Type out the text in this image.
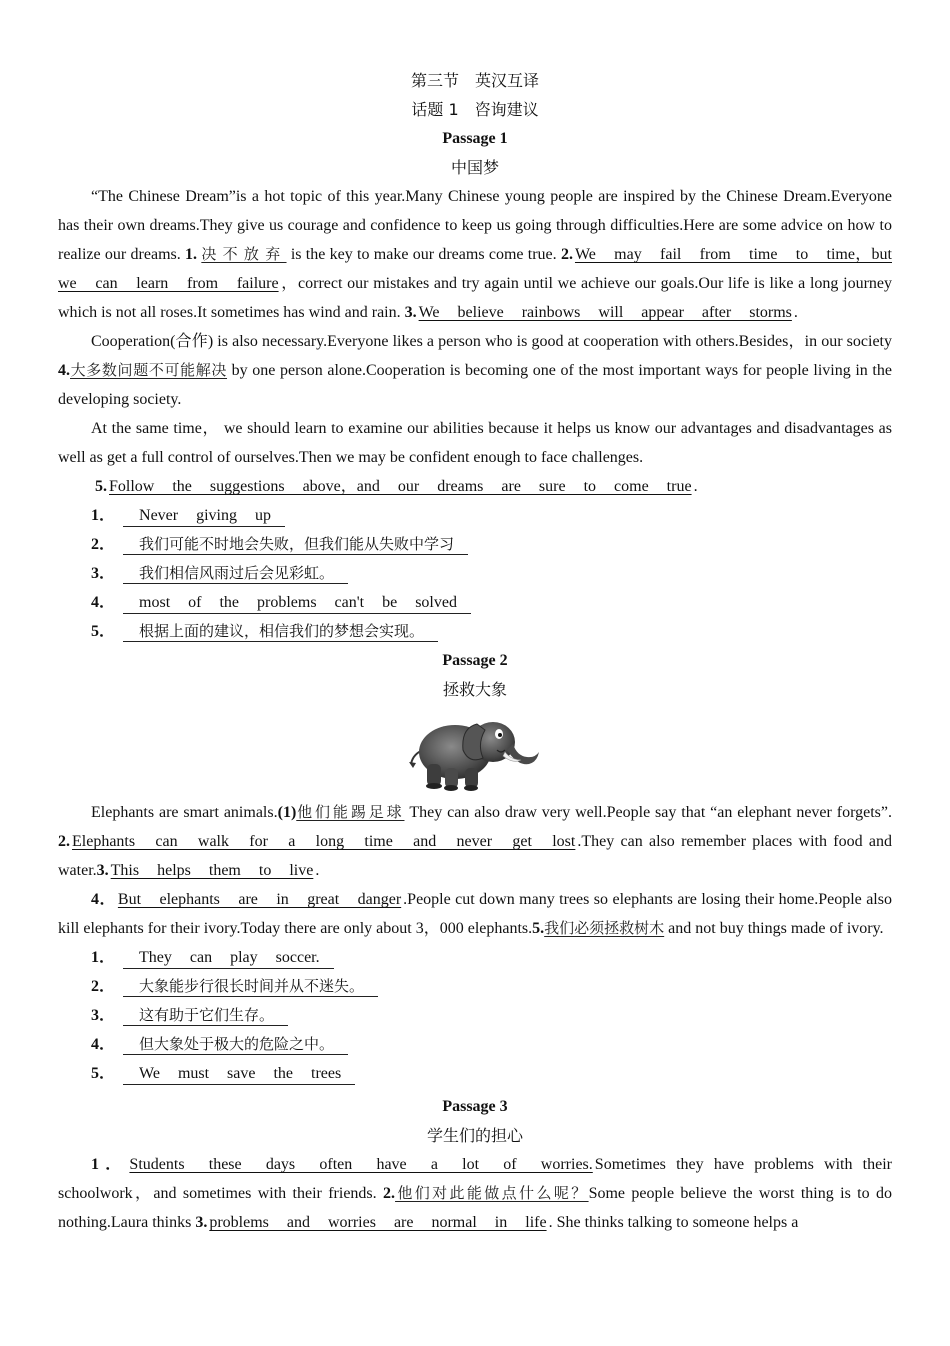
第三节　英汉互译
话题 1　咨询建议
Passage 1
中国梦

“The Chinese Dream”is a hot topic of this year.Many Chinese young people are inspired by the Chinese Dream.Everyone has their own dreams.They give us courage and confidence to keep us going through difficulties.Here are some advice on how to realize our dreams. 1. 决不放弃 is the key to make our dreams come true. 2. We may fail from time to time，but we can learn from failure ，correct our mistakes and try again until we achieve our goals.Our life is like a long journey which is not all roses.It sometimes has wind and rain. 3. We believe rainbows will appear after storms .

Cooperation(合作) is also necessary.Everyone likes a person who is good at cooperation with others.Besides，in our society 4.大多数问题不可能解决 by one person alone.Cooperation is becoming one of the most important ways for people living in the developing society.

At the same time， we should learn to examine our abilities because it helps us know our advantages and disadvantages as well as get a full control of ourselves.Then we may be confident enough to face challenges.

5. Follow the suggestions above，and our dreams are sure to come true .

1． Never giving up
2． 我们可能不时地会失败，但我们能从失败中学习
3． 我们相信风雨过后会见彩虹。
4． most of the problems can't be solved
5． 根据上面的建议，相信我们的梦想会实现。
Passage 2
拯救大象

Elephants are smart animals.(1)他们能踢足球 They can also draw very well.People say that “an elephant never forgets”. 2. Elephants can walk for a long time and never get lost .They can also remember places with food and water.3. This helps them to live .

4． But elephants are in great danger .People cut down many trees so elephants are losing their home.People also kill elephants for their ivory.Today there are only about 3，000 elephants.5.我们必须拯救树木 and not buy things made of ivory.

1． They can play soccer.
2． 大象能步行很长时间并从不迷失。
3． 这有助于它们生存。
4． 但大象处于极大的危险之中。
5． We must save the trees
Passage 3
学生们的担心

1． Students these days often have a lot of worries. Sometimes they have problems with their schoolwork，and sometimes with their friends. 2.他们对此能做点什么呢？Some people believe the worst thing is to do nothing.Laura thinks 3. problems and worries are normal in life . She thinks talking to someone helps a
